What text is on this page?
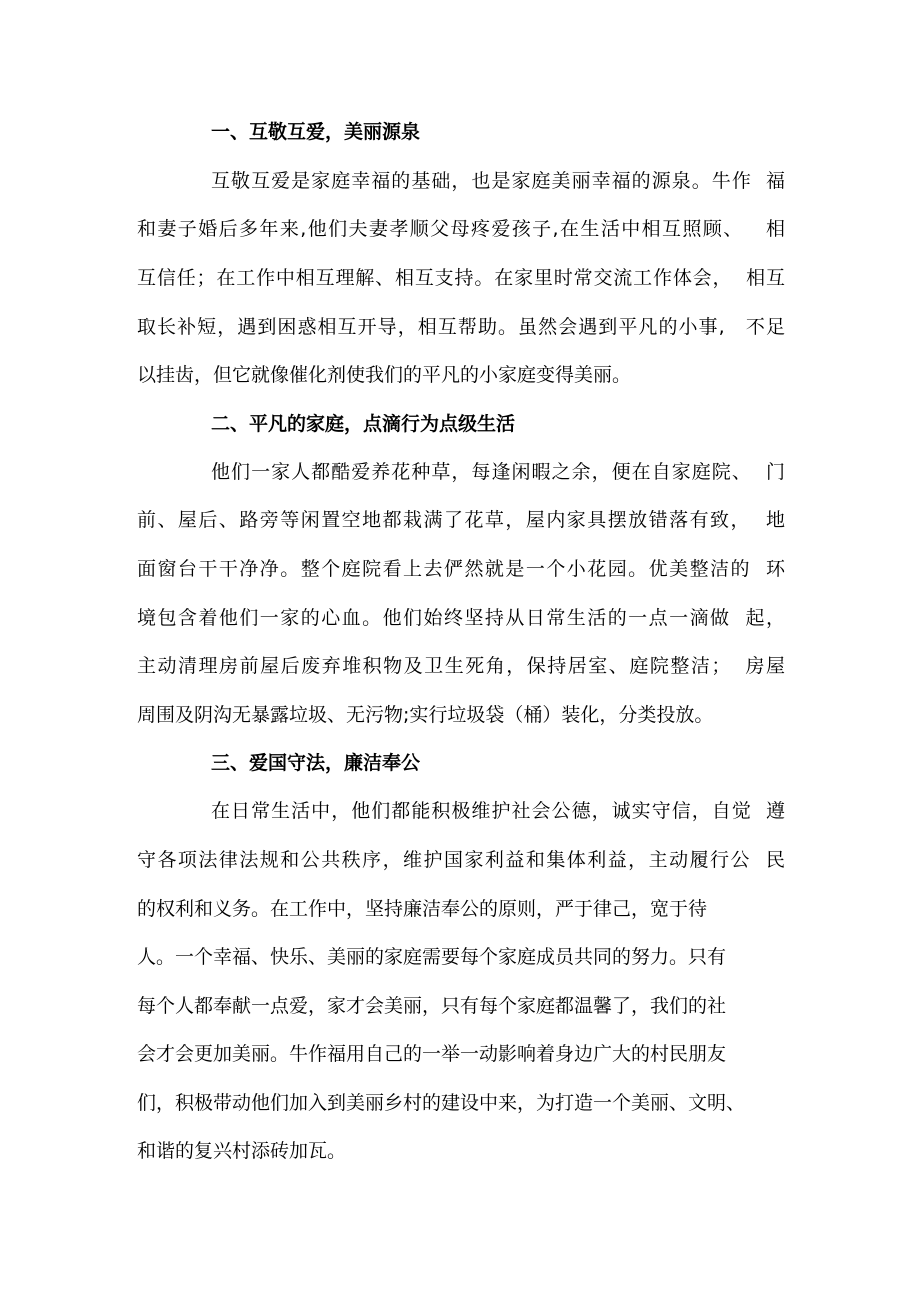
一、互敬互爱，美丽源泉
互敬互爱是家庭幸福的基础，也是家庭美丽幸福的源泉。牛作  福
和妻子婚后多年来,他们夫妻孝顺父母疼爱孩子,在生活中相互照顾、   相
互信任；在工作中相互理解、相互支持。在家里时常交流工作体会，  相互
取长补短，遇到困惑相互开导，相互帮助。虽然会遇到平凡的小事,   不足
以挂齿，但它就像催化剂使我们的平凡的小家庭变得美丽。
二、平凡的家庭，点滴行为点级生活
他们一家人都酷爱养花种草，每逢闲暇之余，便在自家庭院、  门
前、屋后、路旁等闲置空地都栽满了花草，屋内家具摆放错落有致，  地
面窗台干干净净。整个庭院看上去俨然就是一个小花园。优美整洁的  环
境包含着他们一家的心血。他们始终坚持从日常生活的一点一滴做  起，
主动清理房前屋后废弃堆积物及卫生死角，保持居室、庭院整洁；  房屋
周围及阴沟无暴露垃圾、无污物;实行垃圾袋（桶）装化，分类投放。
三、爱国守法，廉洁奉公
在日常生活中，他们都能积极维护社会公德，诚实守信，自觉  遵
守各项法律法规和公共秩序，维护国家利益和集体利益，主动履行公  民
的权利和义务。在工作中，坚持廉洁奉公的原则，严于律己，宽于待
人。一个幸福、快乐、美丽的家庭需要每个家庭成员共同的努力。只有
每个人都奉献一点爱，家才会美丽，只有每个家庭都温馨了，我们的社
会才会更加美丽。牛作福用自己的一举一动影响着身边广大的村民朋友
们，积极带动他们加入到美丽乡村的建设中来，为打造一个美丽、文明、
和谐的复兴村添砖加瓦。
